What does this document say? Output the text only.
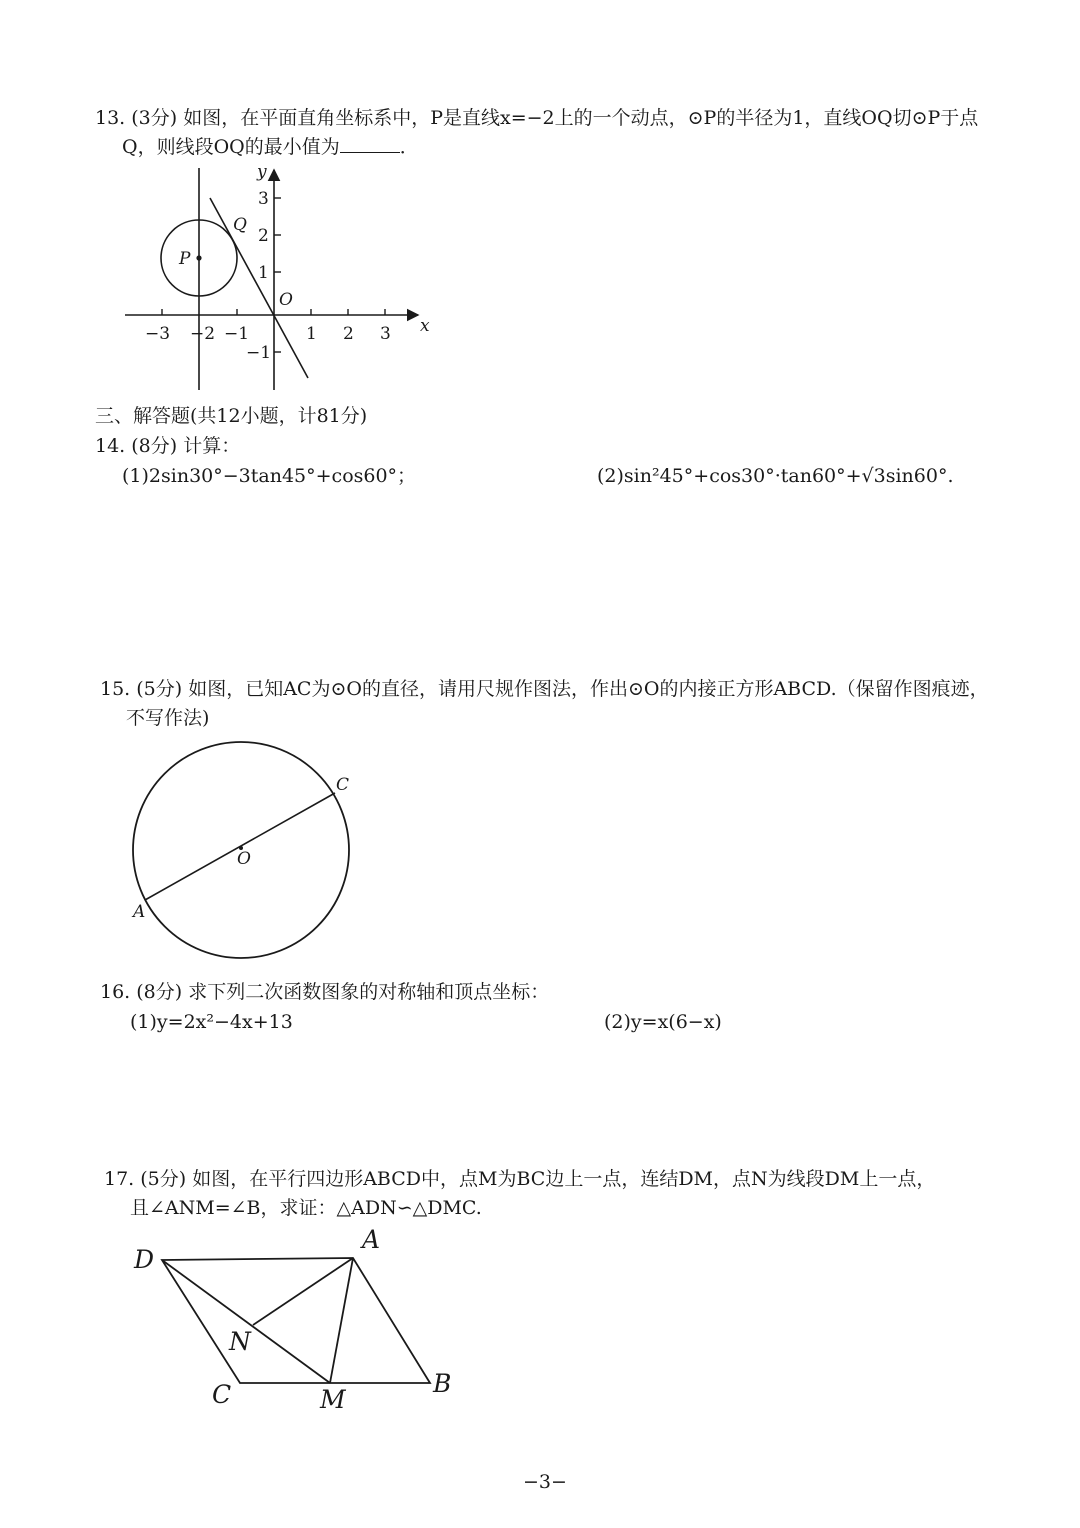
13. (3分) 如图，在平面直角坐标系中，P是直线x=−2上的一个动点，⊙P的半径为1，直线OQ切⊙P于点
Q，则线段OQ的最小值为	．
−3 −2 −1	1 2 3
3
2
1
−1
x
y
O
P
Q
三、解答题(共12小题，计81分)
14. (8分) 计算：
(1)2sin30°−3tan45°+cos60°；	(2)sin²45°+cos30°·tan60°+√3sin60°.
15. (5分) 如图，已知AC为⊙O的直径，请用尺规作图法，作出⊙O的内接正方形ABCD.（保留作图痕迹，
不写作法)
A
C
O
16. (8分) 求下列二次函数图象的对称轴和顶点坐标：
(1)y=2x²−4x+13	(2)y=x(6−x)
17. (5分) 如图，在平行四边形ABCD中，点M为BC边上一点，连结DM，点N为线段DM上一点，
且∠ANM=∠B，求证：△ADN∽△DMC.
D
A
B
C	M
N
−3−
